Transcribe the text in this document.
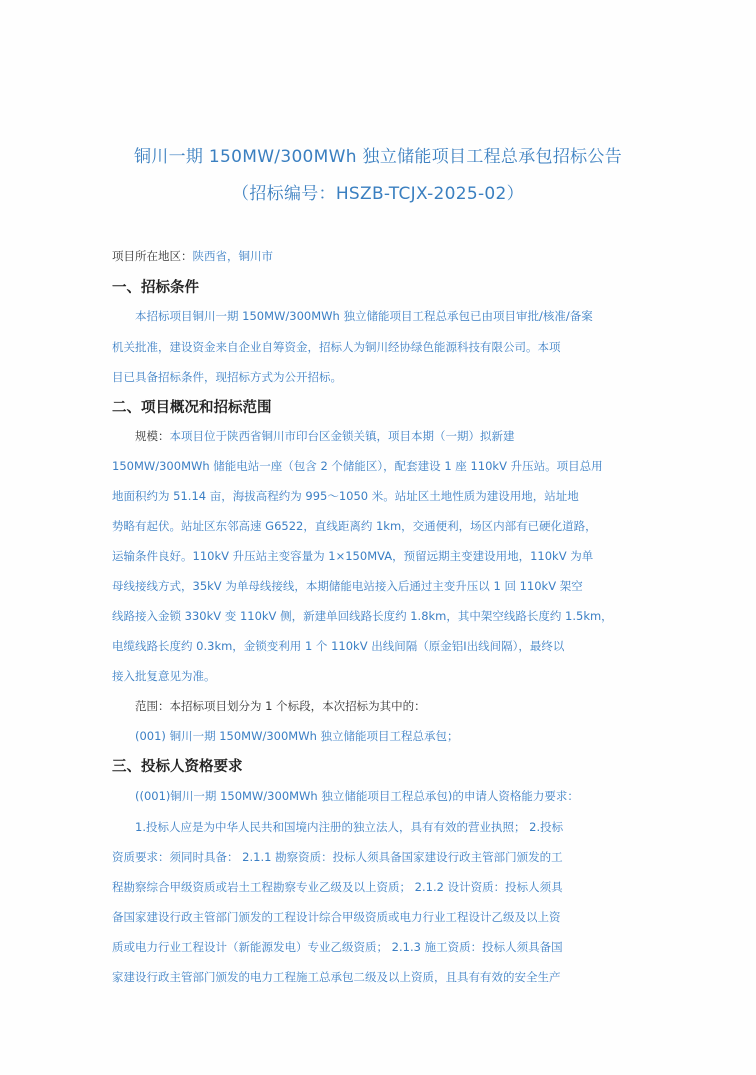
铜川一期 150MW/300MWh 独立储能项目工程总承包招标公告
（招标编号：HSZB-TCJX-2025-02）
项目所在地区：陕西省，铜川市
一、招标条件
本招标项目铜川一期 150MW/300MWh 独立储能项目工程总承包已由项目审批/核准/备案
机关批准，建设资金来自企业自筹资金，招标人为铜川经协绿色能源科技有限公司。本项
目已具备招标条件，现招标方式为公开招标。
二、项目概况和招标范围
规模：本项目位于陕西省铜川市印台区金锁关镇，项目本期（一期）拟新建
150MW/300MWh 储能电站一座（包含 2 个储能区），配套建设 1 座 110kV 升压站。项目总用
地面积约为 51.14 亩，海拔高程约为 995～1050 米。站址区土地性质为建设用地，站址地
势略有起伏。站址区东邻高速 G6522，直线距离约 1km，交通便利，场区内部有已硬化道路，
运输条件良好。110kV 升压站主变容量为 1×150MVA，预留远期主变建设用地，110kV 为单
母线接线方式，35kV 为单母线接线，本期储能电站接入后通过主变升压以 1 回 110kV 架空
线路接入金锁 330kV 变 110kV 侧，新建单回线路长度约 1.8km，其中架空线路长度约 1.5km，
电缆线路长度约 0.3km，金锁变利用 1 个 110kV 出线间隔（原金铝Ⅰ出线间隔），最终以
接入批复意见为准。
范围：本招标项目划分为 1 个标段，本次招标为其中的：
(001) 铜川一期 150MW/300MWh 独立储能项目工程总承包；
三、投标人资格要求
((001)铜川一期 150MW/300MWh 独立储能项目工程总承包)的申请人资格能力要求：
1.投标人应是为中华人民共和国境内注册的独立法人，具有有效的营业执照； 2.投标
资质要求：须同时具备： 2.1.1 勘察资质：投标人须具备国家建设行政主管部门颁发的工
程勘察综合甲级资质或岩土工程勘察专业乙级及以上资质； 2.1.2 设计资质：投标人须具
备国家建设行政主管部门颁发的工程设计综合甲级资质或电力行业工程设计乙级及以上资
质或电力行业工程设计（新能源发电）专业乙级资质； 2.1.3 施工资质：投标人须具备国
家建设行政主管部门颁发的电力工程施工总承包二级及以上资质，且具有有效的安全生产
